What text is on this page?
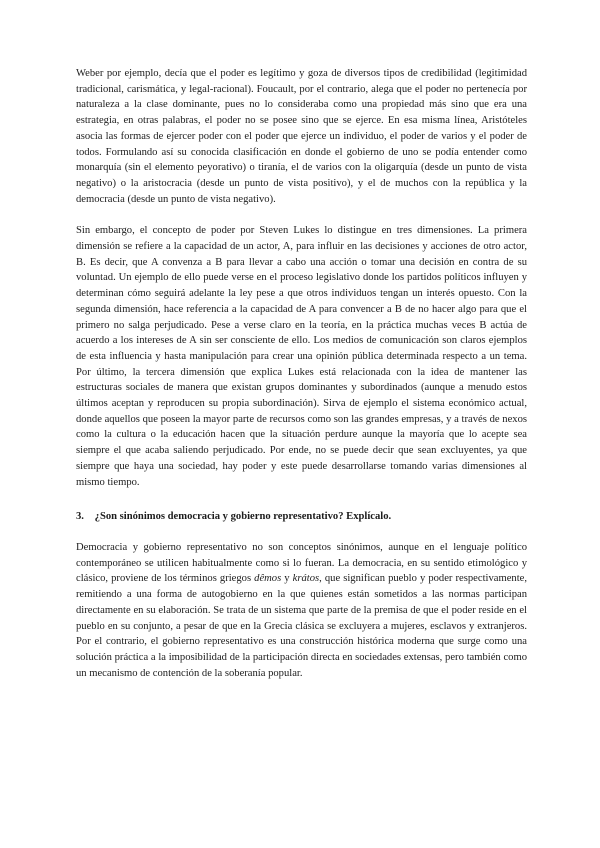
Weber por ejemplo, decía que el poder es legítimo y goza de diversos tipos de credibilidad (legitimidad tradicional, carismática, y legal-racional). Foucault, por el contrario, alega que el poder no pertenecía por naturaleza a la clase dominante, pues no lo consideraba como una propiedad más sino que era una estrategia, en otras palabras, el poder no se posee sino que se ejerce. En esa misma línea, Aristóteles asocia las formas de ejercer poder con el poder que ejerce un individuo, el poder de varios y el poder de todos. Formulando así su conocida clasificación en donde el gobierno de uno se podía entender como monarquía (sin el elemento peyorativo) o tiranía, el de varios con la oligarquía (desde un punto de vista negativo) o la aristocracia (desde un punto de vista positivo), y el de muchos con la república y la democracia (desde un punto de vista negativo).

Sin embargo, el concepto de poder por Steven Lukes lo distingue en tres dimensiones. La primera dimensión se refiere a la capacidad de un actor, A, para influir en las decisiones y acciones de otro actor, B. Es decir, que A convenza a B para llevar a cabo una acción o tomar una decisión en contra de su voluntad. Un ejemplo de ello puede verse en el proceso legislativo donde los partidos políticos influyen y determinan cómo seguirá adelante la ley pese a que otros individuos tengan un interés opuesto. Con la segunda dimensión, hace referencia a la capacidad de A para convencer a B de no hacer algo para que el primero no salga perjudicado. Pese a verse claro en la teoría, en la práctica muchas veces B actúa de acuerdo a los intereses de A sin ser consciente de ello. Los medios de comunicación son claros ejemplos de esta influencia y hasta manipulación para crear una opinión pública determinada respecto a un tema. Por último, la tercera dimensión que explica Lukes está relacionada con la idea de mantener las estructuras sociales de manera que existan grupos dominantes y subordinados (aunque a menudo estos últimos aceptan y reproducen su propia subordinación). Sirva de ejemplo el sistema económico actual, donde aquellos que poseen la mayor parte de recursos como son las grandes empresas, y a través de nexos como la cultura o la educación hacen que la situación perdure aunque la mayoría que lo acepte sea siempre el que acaba saliendo perjudicado. Por ende, no se puede decir que sean excluyentes, ya que siempre que haya una sociedad, hay poder y este puede desarrollarse tomando varias dimensiones al mismo tiempo.

3. ¿Son sinónimos democracia y gobierno representativo? Explícalo.

Democracia y gobierno representativo no son conceptos sinónimos, aunque en el lenguaje político contemporáneo se utilicen habitualmente como si lo fueran. La democracia, en su sentido etimológico y clásico, proviene de los términos griegos dêmos y krátos, que significan pueblo y poder respectivamente, remitiendo a una forma de autogobierno en la que quienes están sometidos a las normas participan directamente en su elaboración. Se trata de un sistema que parte de la premisa de que el poder reside en el pueblo en su conjunto, a pesar de que en la Grecia clásica se excluyera a mujeres, esclavos y extranjeros. Por el contrario, el gobierno representativo es una construcción histórica moderna que surge como una solución práctica a la imposibilidad de la participación directa en sociedades extensas, pero también como un mecanismo de contención de la soberanía popular.
